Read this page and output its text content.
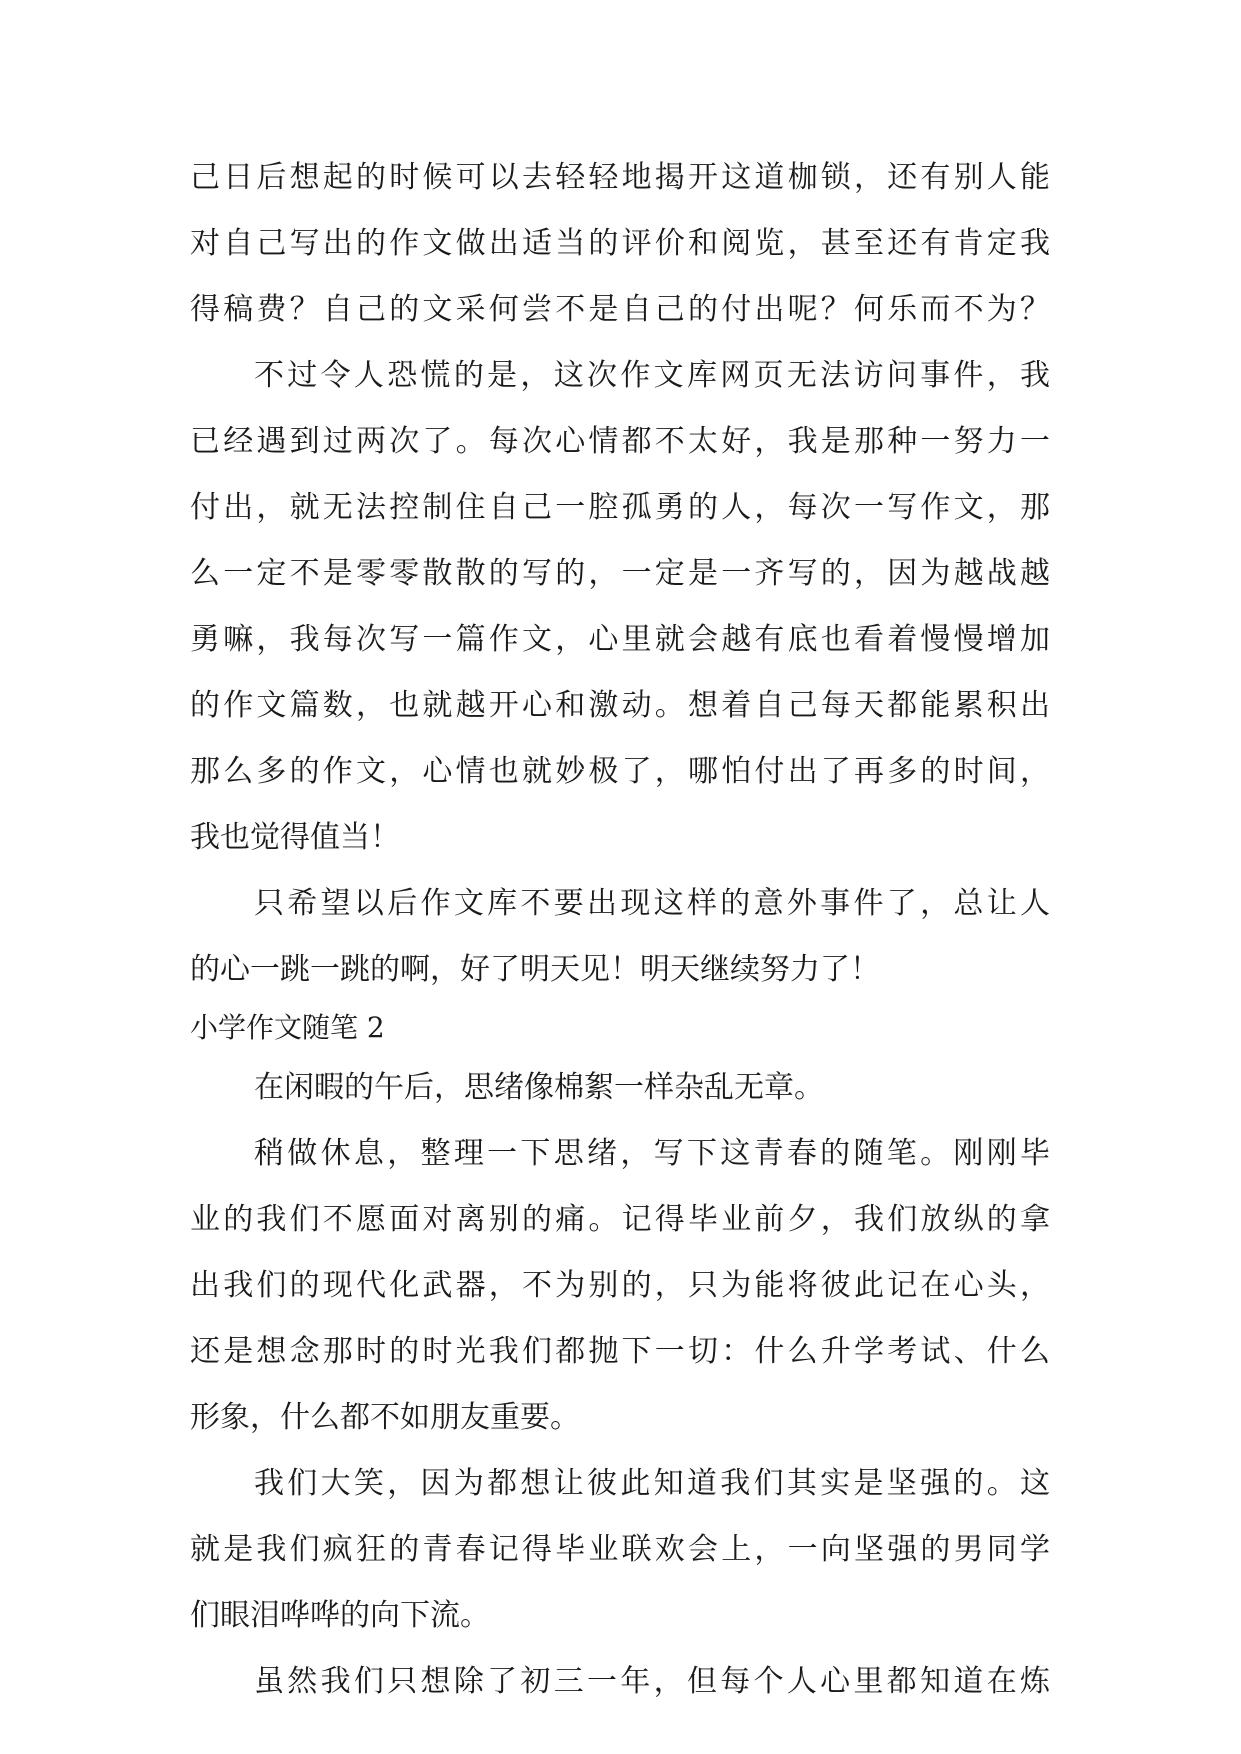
己日后想起的时候可以去轻轻地揭开这道枷锁，还有别人能
对自己写出的作文做出适当的评价和阅览，甚至还有肯定我
得稿费？自己的文采何尝不是自己的付出呢？何乐而不为？
不过令人恐慌的是，这次作文库网页无法访问事件，我
已经遇到过两次了。每次心情都不太好，我是那种一努力一
付出，就无法控制住自己一腔孤勇的人，每次一写作文，那
么一定不是零零散散的写的，一定是一齐写的，因为越战越
勇嘛，我每次写一篇作文，心里就会越有底也看着慢慢增加
的作文篇数，也就越开心和激动。想着自己每天都能累积出
那么多的作文，心情也就妙极了，哪怕付出了再多的时间，
我也觉得值当！
只希望以后作文库不要出现这样的意外事件了，总让人
的心一跳一跳的啊，好了明天见！明天继续努力了！
小学作文随笔 2
在闲暇的午后，思绪像棉絮一样杂乱无章。
稍做休息，整理一下思绪，写下这青春的随笔。刚刚毕
业的我们不愿面对离别的痛。记得毕业前夕，我们放纵的拿
出我们的现代化武器，不为别的，只为能将彼此记在心头，
还是想念那时的时光我们都抛下一切：什么升学考试、什么
形象，什么都不如朋友重要。
我们大笑，因为都想让彼此知道我们其实是坚强的。这
就是我们疯狂的青春记得毕业联欢会上，一向坚强的男同学
们眼泪哗哗的向下流。
虽然我们只想除了初三一年，但每个人心里都知道在炼
